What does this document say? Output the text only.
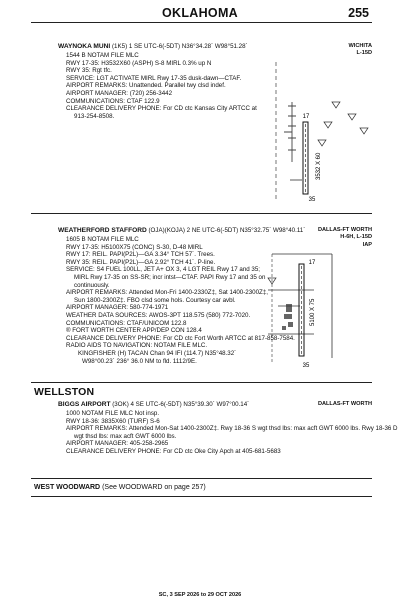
OKLAHOMA	255
WAYNOKA MUNI (1K5) 1 SE UTC-6(-5DT) N36°34.28´ W98°51.28´	WICHITA
L-15D
1544 B NOTAM FILE MLC
RWY 17-35: H3532X60 (ASPH) S-8 MIRL 0.3% up N
RWY 35: Rgt tfc.
SERVICE: LGT ACTIVATE MIRL Rwy 17-35 dusk-dawn—CTAF.
AIRPORT REMARKS: Unattended. Parallel twy clsd indef.
AIRPORT MANAGER: (720) 256-3442
COMMUNICATIONS: CTAF 122.9
CLEARANCE DELIVERY PHONE: For CD ctc Kansas City ARTCC at
913-254-8508.	17
35
3532 X 60
WEATHERFORD STAFFORD (OJA)(KOJA) 2 NE UTC-6(-5DT) N35°32.75´ W98°40.11´ DALLAS-FT WORTH
H-6H, L-15D
IAP
1605 B NOTAM FILE MLC
RWY 17-35: H5100X75 (CONC) S-30, D-48 MIRL
RWY 17: REIL. PAPI(P2L)—GA 3.34° TCH 57´. Trees.
RWY 35: REIL. PAPI(P2L)—GA 2.92° TCH 41´. P-line.
SERVICE: S4 FUEL 100LL, JET A+ OX 3, 4 LGT REIL Rwy 17 and 35;
MIRL Rwy 17-35 on SS-SR; incr intst—CTAF. PAPI Rwy 17 and 35 on
continuously.
AIRPORT REMARKS: Attended Mon-Fri 1400-2330Z‡, Sat 1400-2300Z‡,
Sun 1800-2300Z‡. FBO clsd some hols. Courtesy car avbl.
AIRPORT MANAGER: 580-774-1971
WEATHER DATA SOURCES: AWOS-3PT 118.575 (580) 772-7020.
COMMUNICATIONS: CTAF/UNICOM 122.8
® FORT WORTH CENTER APP/DEP CON 128.4
CLEARANCE DELIVERY PHONE: For CD ctc Fort Worth ARTCC at 817-858-7584.
RADIO AIDS TO NAVIGATION: NOTAM FILE MLC.
KINGFISHER (H) TACAN Chan 94 IFI (114.7) N35°48.32´
W98°00.23´ 236° 36.0 NM to fld. 1112/9E.
17
35
5100 X 75
WELLSTON
BIGGS AIRPORT (3OK) 4 SE UTC-6(-5DT) N35°39.30´ W97°00.14´	DALLAS-FT WORTH
1000 NOTAM FILE MLC Not insp.
RWY 18-36: 3835X60 (TURF) S-6
AIRPORT REMARKS: Attended Mon-Sat 1400-2300Z‡. Rwy 18-36 S wgt thsd lbs: max acft GWT 6000 lbs. Rwy 18-36 D
wgt thsd lbs: max acft GWT 6000 lbs.
AIRPORT MANAGER: 405-258-2965
CLEARANCE DELIVERY PHONE: For CD ctc Oke City Apch at 405-681-5683
WEST WOODWARD (See WOODWARD on page 257)
SC, 3 SEP 2026 to 29 OCT 2026
